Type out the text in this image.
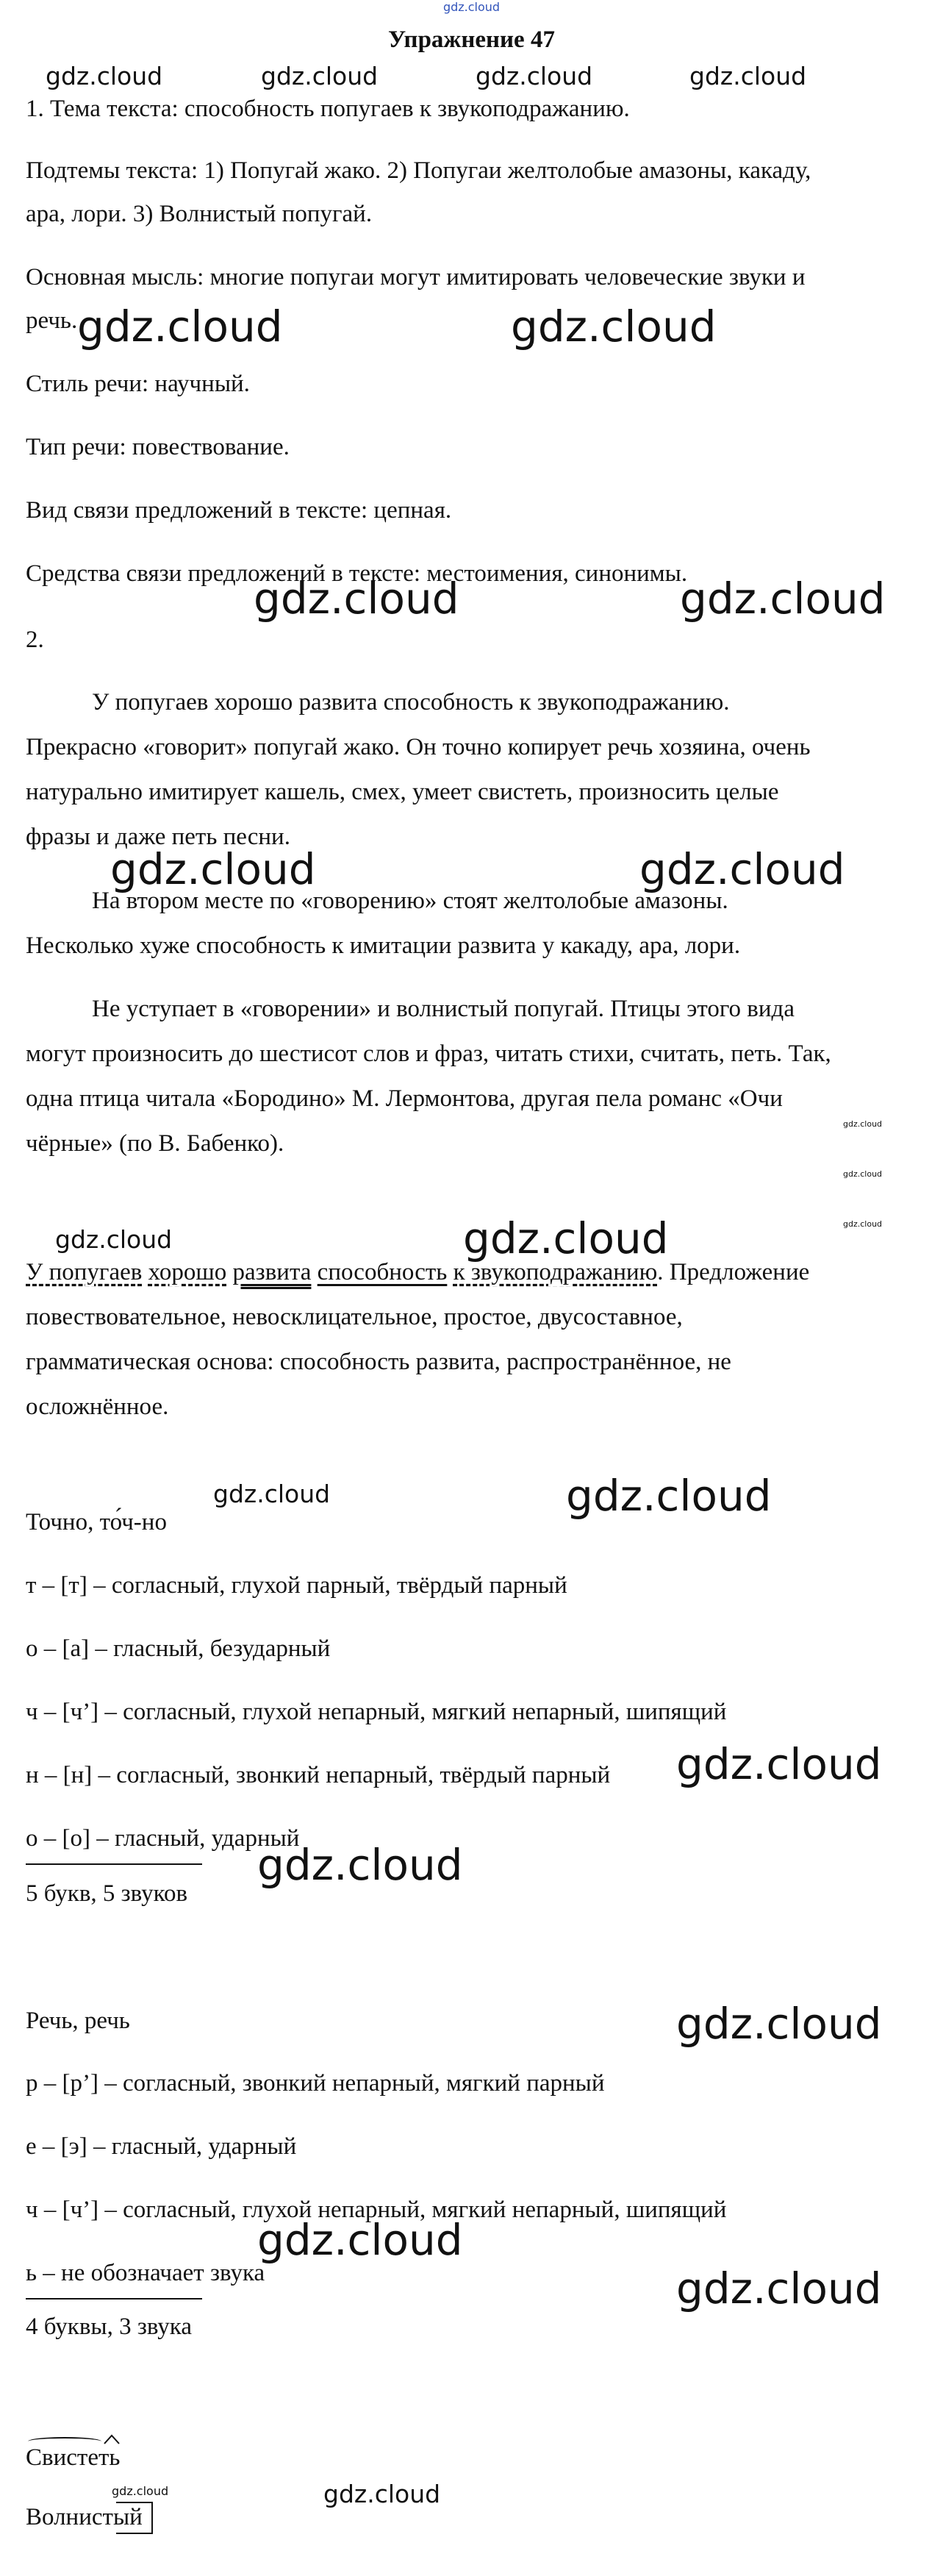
gdz.cloud
Упражнение 47

gdz.cloud	gdz.cloud	gdz.cloud	gdz.cloud

1. Тема текста: способность попугаев к звукоподражанию.

Подтемы текста: 1) Попугай жако. 2) Попугаи желтолобые амазоны, какаду,

ара, лори. 3) Волнистый попугай.

Основная мысль: многие попугаи могут имитировать человеческие звуки и

речь. gdz.cloud	gdz.cloud

Стиль речи: научный.

Тип речи: повествование.

Вид связи предложений в тексте: цепная.

Средства связи предложений в тексте: местоимения, синонимы.

gdz.cloud	gdz.cloud

2.

У попугаев хорошо развита способность к звукоподражанию.

Прекрасно «говорит» попугай жако. Он точно копирует речь хозяина, очень

натурально имитирует кашель, смех, умеет свистеть, произносить целые

фразы и даже петь песни.

gdz.cloud	gdz.cloud

На втором месте по «говорению» стоят желтолобые амазоны.

Несколько хуже способность к имитации развита у какаду, ара, лори.

Не уступает в «говорении» и волнистый попугай. Птицы этого вида

могут произносить до шестисот слов и фраз, читать стихи, считать, петь. Так,

одна птица читала «Бородино» М. Лермонтова, другая пела романс «Очи

чёрные» (по В. Бабенко).

gdz.cloud

gdz.cloud

gdz.cloud

gdz.cloud	gdz.cloud

У попугаев хорошо развита способность к звукоподражанию. Предложение

повествовательное, невосклицательное, простое, двусоставное,

грамматическая основа: способность развита, распространённое, не

осложнённое.

gdz.cloud	gdz.cloud

Точно, то́ч-но

т – [т] – согласный, глухой парный, твёрдый парный

о – [а] – гласный, безударный

ч – [ч’] – согласный, глухой непарный, мягкий непарный, шипящий

н – [н] – согласный, звонкий непарный, твёрдый парный gdz.cloud

о – [о] – гласный, ударный

gdz.cloud

5 букв, 5 звуков

Речь, речь	gdz.cloud

р – [р’] – согласный, звонкий непарный, мягкий парный

е – [э] – гласный, ударный

ч – [ч’] – согласный, глухой непарный, мягкий непарный, шипящий

gdz.cloud

ь – не обозначает звука	gdz.cloud

4 буквы, 3 звука

Свистеть

gdz.cloud

Волнистый

gdz.cloud
